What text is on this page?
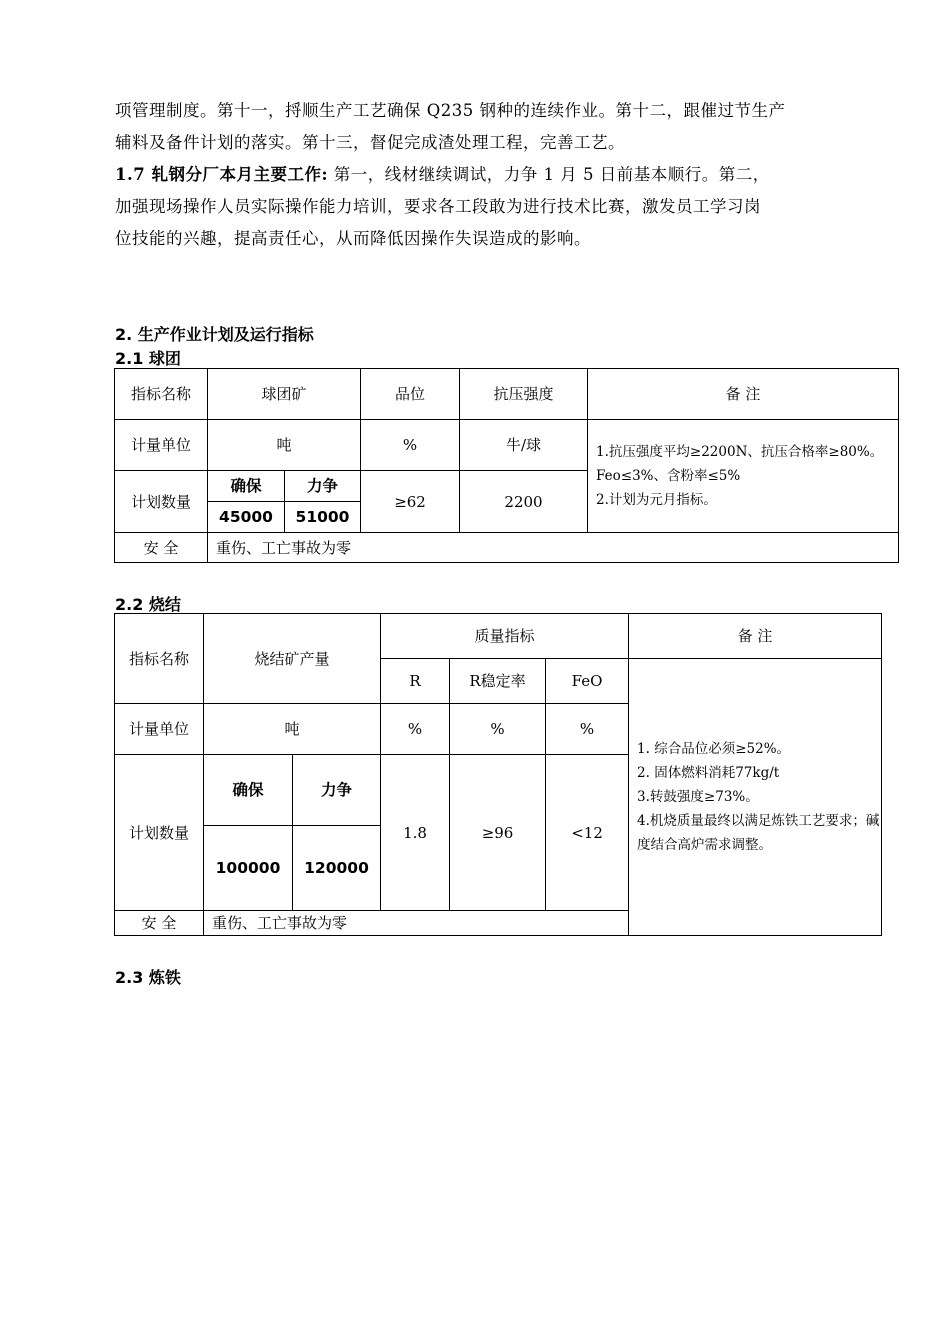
项管理制度。第十一，捋顺生产工艺确保 Q235 钢种的连续作业。第十二，跟催过节生产
辅料及备件计划的落实。第十三，督促完成渣处理工程，完善工艺。
1.7 轧钢分厂本月主要工作: 第一，线材继续调试，力争 1 月 5 日前基本顺行。第二，
加强现场操作人员实际操作能力培训，要求各工段敢为进行技术比赛，激发员工学习岗
位技能的兴趣，提高责任心，从而降低因操作失误造成的影响。
2. 生产作业计划及运行指标
2.1 球团
指标名称	球团矿		品位	抗压强度	备 注
计量单位	吨		%	牛/球	1.抗压强度平均≥2200N、抗压合格率≥80%。Feo≤3%、含粉率≤5%
2.计划为元月指标。

计划数量	确保	力争	≥62	2200	
	45000	51000			
安 全	重伤、工亡事故为零				
2.2 烧结
指标名称	烧结矿产量		质量指标			备 注
			R	R稳定率	FeO	1. 综合品位必须≥52%。
2. 固体燃料消耗77kg/t
3.转鼓强度≥73%。
4.机烧质量最终以满足炼铁工艺要求；碱度结合高炉需求调整。

计量单位	吨		%	%	%	
计划数量	确保	力争	1.8	≥96	<12	
	100000	120000				
安 全	重伤、工亡事故为零					
2.3 炼铁
